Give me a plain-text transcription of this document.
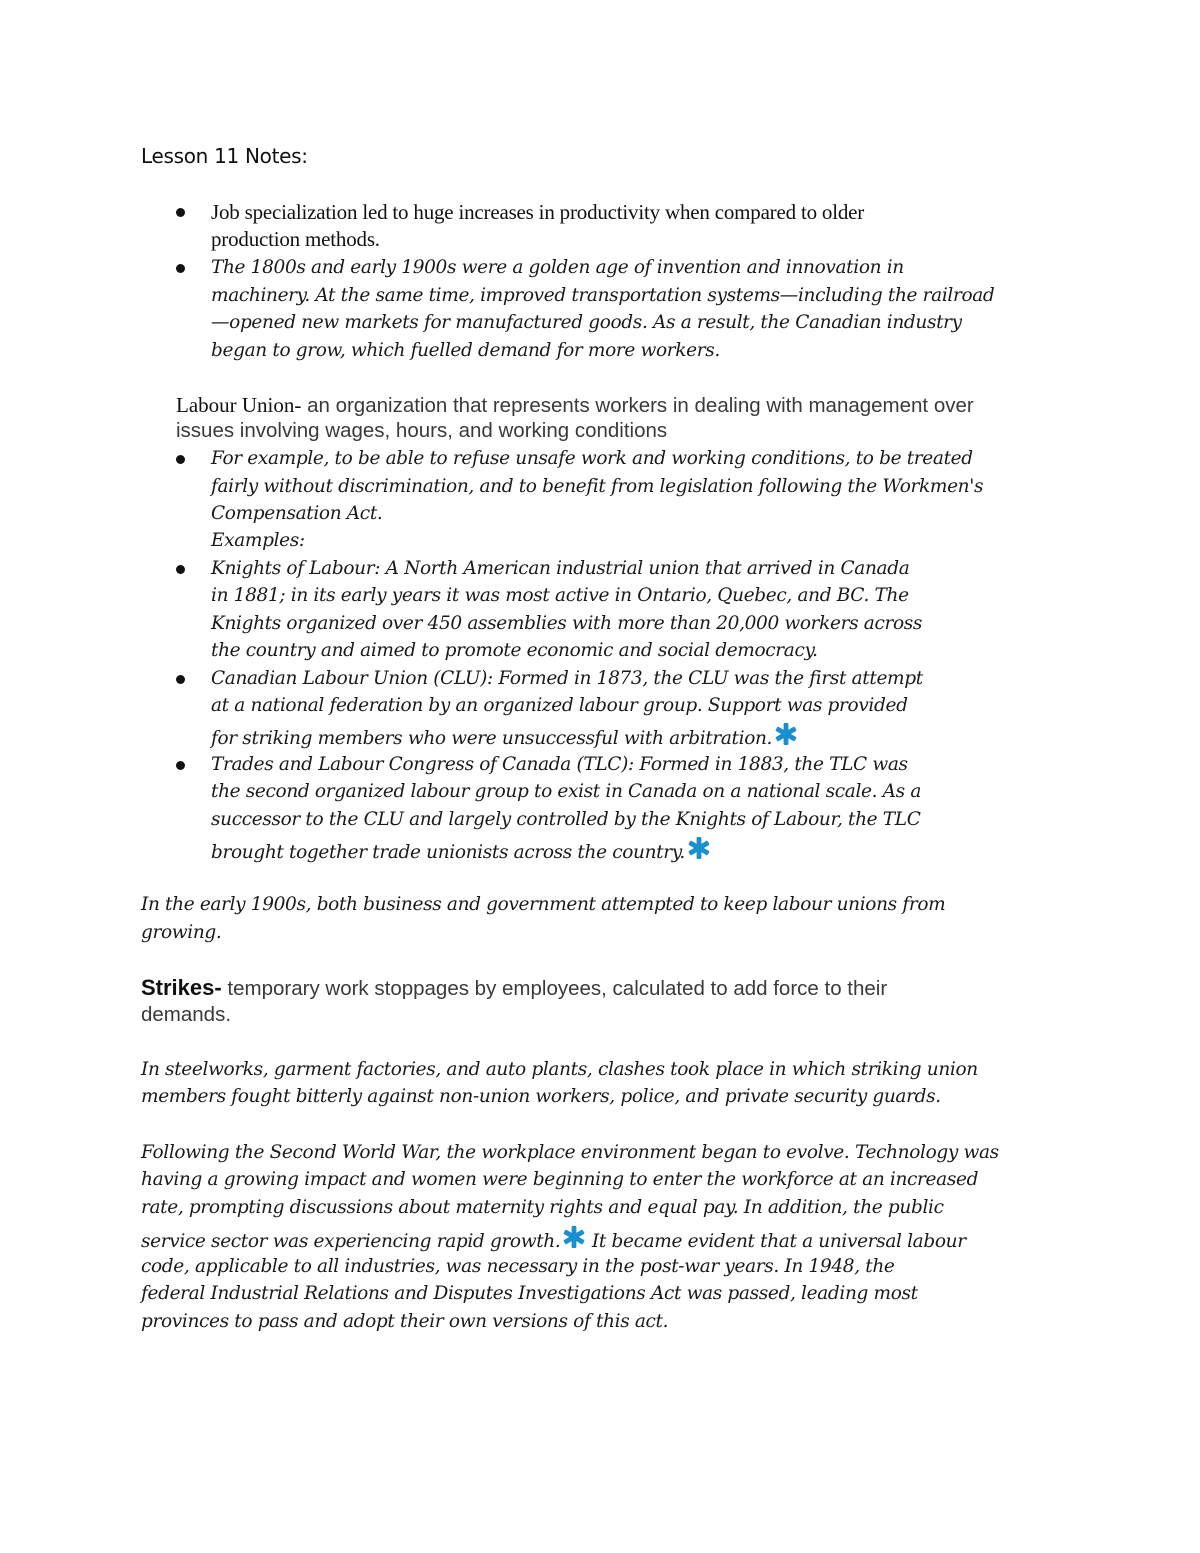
Lesson 11 Notes:

Job specialization led to huge increases in productivity when compared to older

production methods.

The 1800s and early 1900s were a golden age of invention and innovation in

machinery. At the same time, improved transportation systems—including the railroad

—opened new markets for manufactured goods. As a result, the Canadian industry

began to grow, which fuelled demand for more workers.

Labour Union- an organization that represents workers in dealing with management over

issues involving wages, hours, and working conditions

For example, to be able to refuse unsafe work and working conditions, to be treated

fairly without discrimination, and to benefit from legislation following the Workmen's

Compensation Act.

Examples:

Knights of Labour: A North American industrial union that arrived in Canada

in 1881; in its early years it was most active in Ontario, Quebec, and BC. The

Knights organized over 450 assemblies with more than 20,000 workers across

the country and aimed to promote economic and social democracy.

Canadian Labour Union (CLU): Formed in 1873, the CLU was the first attempt

at a national federation by an organized labour group. Support was provided

for striking members who were unsuccessful with arbitration.

Trades and Labour Congress of Canada (TLC): Formed in 1883, the TLC was

the second organized labour group to exist in Canada on a national scale. As a

successor to the CLU and largely controlled by the Knights of Labour, the TLC

brought together trade unionists across the country.

In the early 1900s, both business and government attempted to keep labour unions from

growing.

Strikes- temporary work stoppages by employees, calculated to add force to their

demands.

In steelworks, garment factories, and auto plants, clashes took place in which striking union

members fought bitterly against non-union workers, police, and private security guards.

Following the Second World War, the workplace environment began to evolve. Technology was

having a growing impact and women were beginning to enter the workforce at an increased

rate, prompting discussions about maternity rights and equal pay. In addition, the public

service sector was experiencing rapid growth. It became evident that a universal labour

code, applicable to all industries, was necessary in the post-war years. In 1948, the

federal Industrial Relations and Disputes Investigations Act was passed, leading most

provinces to pass and adopt their own versions of this act.
